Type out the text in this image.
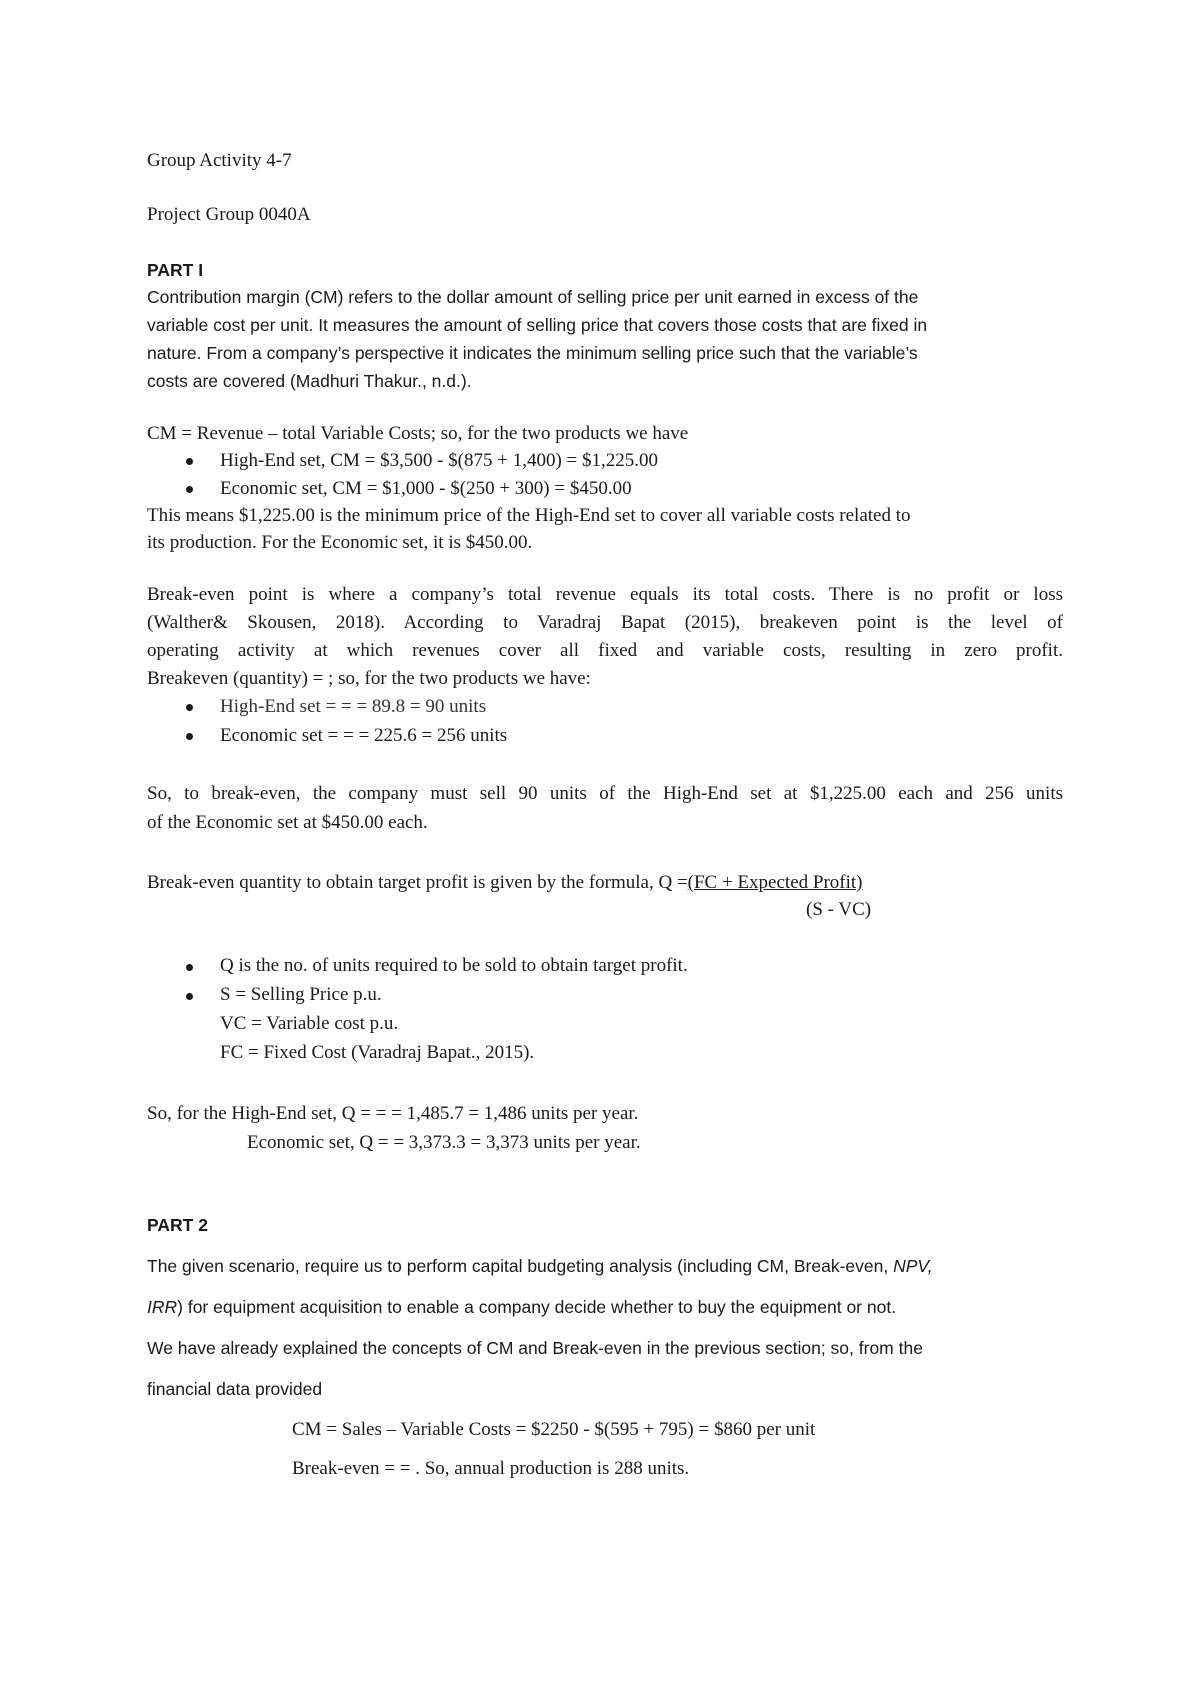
Group Activity 4-7

Project Group 0040A

PART I

Contribution margin (CM) refers to the dollar amount of selling price per unit earned in excess of the

variable cost per unit. It measures the amount of selling price that covers those costs that are fixed in

nature. From a company’s perspective it indicates the minimum selling price such that the variable’s

costs are covered (Madhuri Thakur., n.d.).

CM = Revenue – total Variable Costs; so, for the two products we have

High-End set, CM = $3,500 - $(875 + 1,400) = $1,225.00

Economic set, CM = $1,000 - $(250 + 300) = $450.00

This means $1,225.00 is the minimum price of the High-End set to cover all variable costs related to

its production. For the Economic set, it is $450.00.

Break-even point is where a company’s total revenue equals its total costs. There is no profit or loss

(Walther& Skousen, 2018). According to Varadraj Bapat (2015), breakeven point is the level of

operating activity at which revenues cover all fixed and variable costs, resulting in zero profit.

Breakeven (quantity) = ; so, for the two products we have:

High-End set = = = 89.8 = 90 units

Economic set = = = 225.6 = 256 units

So, to break-even, the company must sell 90 units of the High-End set at $1,225.00 each and 256 units

of the Economic set at $450.00 each.

Break-even quantity to obtain target profit is given by the formula, Q =(FC + Expected Profit)

(S - VC)

Q is the no. of units required to be sold to obtain target profit.

S = Selling Price p.u.

VC = Variable cost p.u.

FC = Fixed Cost (Varadraj Bapat., 2015).

So, for the High-End set, Q = = = 1,485.7 = 1,486 units per year.

Economic set, Q = = 3,373.3 = 3,373 units per year.

PART 2

The given scenario, require us to perform capital budgeting analysis (including CM, Break-even, NPV,

IRR) for equipment acquisition to enable a company decide whether to buy the equipment or not.

We have already explained the concepts of CM and Break-even in the previous section; so, from the

financial data provided

CM = Sales – Variable Costs = $2250 - $(595 + 795) = $860 per unit

Break-even = = . So, annual production is 288 units.
